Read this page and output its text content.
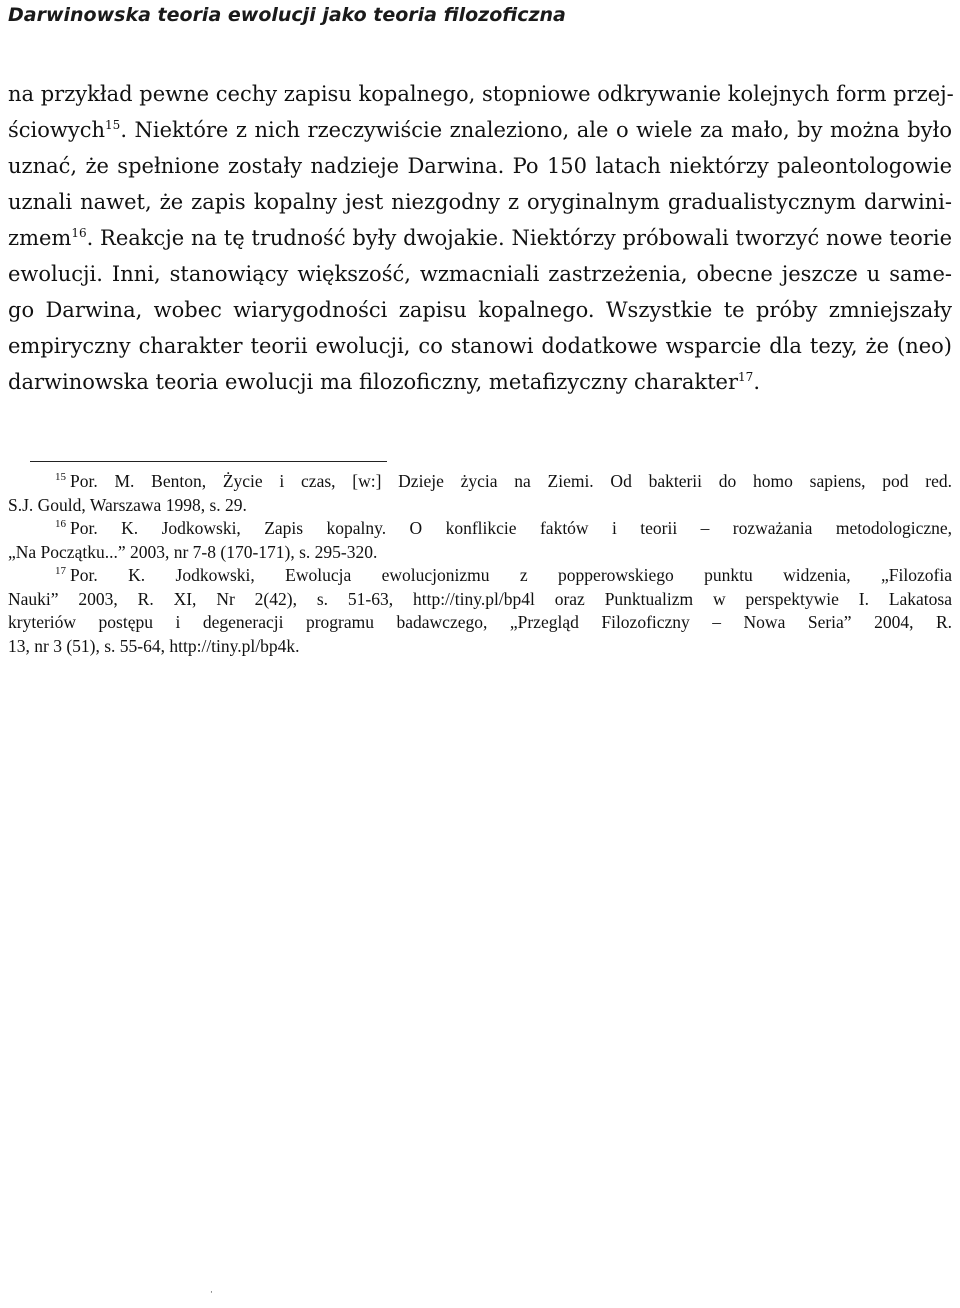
Darwinowska teoria ewolucji jako teoria filozoficzna
na przykład pewne cechy zapisu kopalnego, stopniowe odkrywanie kolejnych form przej-
ściowych$^{15}$. Niektóre z nich rzeczywiście znaleziono, ale o wiele za mało, by można było
uznać, że spełnione zostały nadzieje Darwina. Po 150 latach niektórzy paleontologowie
uznali nawet, że zapis kopalny jest niezgodny z oryginalnym gradualistycznym darwini-
zmem$^{16}$. Reakcje na tę trudność były dwojakie. Niektórzy próbowali tworzyć nowe teorie
ewolucji. Inni, stanowiący większość, wzmacniali zastrzeżenia, obecne jeszcze u same-
go Darwina, wobec wiarygodności zapisu kopalnego. Wszystkie te próby zmniejszały
empiryczny charakter teorii ewolucji, co stanowi dodatkowe wsparcie dla tezy, że (neo)
darwinowska teoria ewolucji ma filozoficzny, metafizyczny charakter$^{17}$.
$^{15}$ Por. M. Benton, Życie i czas, [w:] Dzieje życia na Ziemi. Od bakterii do homo sapiens, pod red.
S.J. Gould, Warszawa 1998, s. 29.
$^{16}$ Por. K. Jodkowski, Zapis kopalny. O konflikcie faktów i teorii – rozważania metodologiczne,
„Na Początku...” 2003, nr 7-8 (170-171), s. 295-320.
$^{17}$ Por. K. Jodkowski, Ewolucja ewolucjonizmu z popperowskiego punktu widzenia, „Filozofia
Nauki” 2003, R. XI, Nr 2(42), s. 51-63, http://tiny.pl/bp4l oraz Punktualizm w perspektywie I. Lakatosa
kryteriów postępu i degeneracji programu badawczego, „Przegląd Filozoficzny – Nowa Seria” 2004, R.
13, nr 3 (51), s. 55-64, http://tiny.pl/bp4k.
·
